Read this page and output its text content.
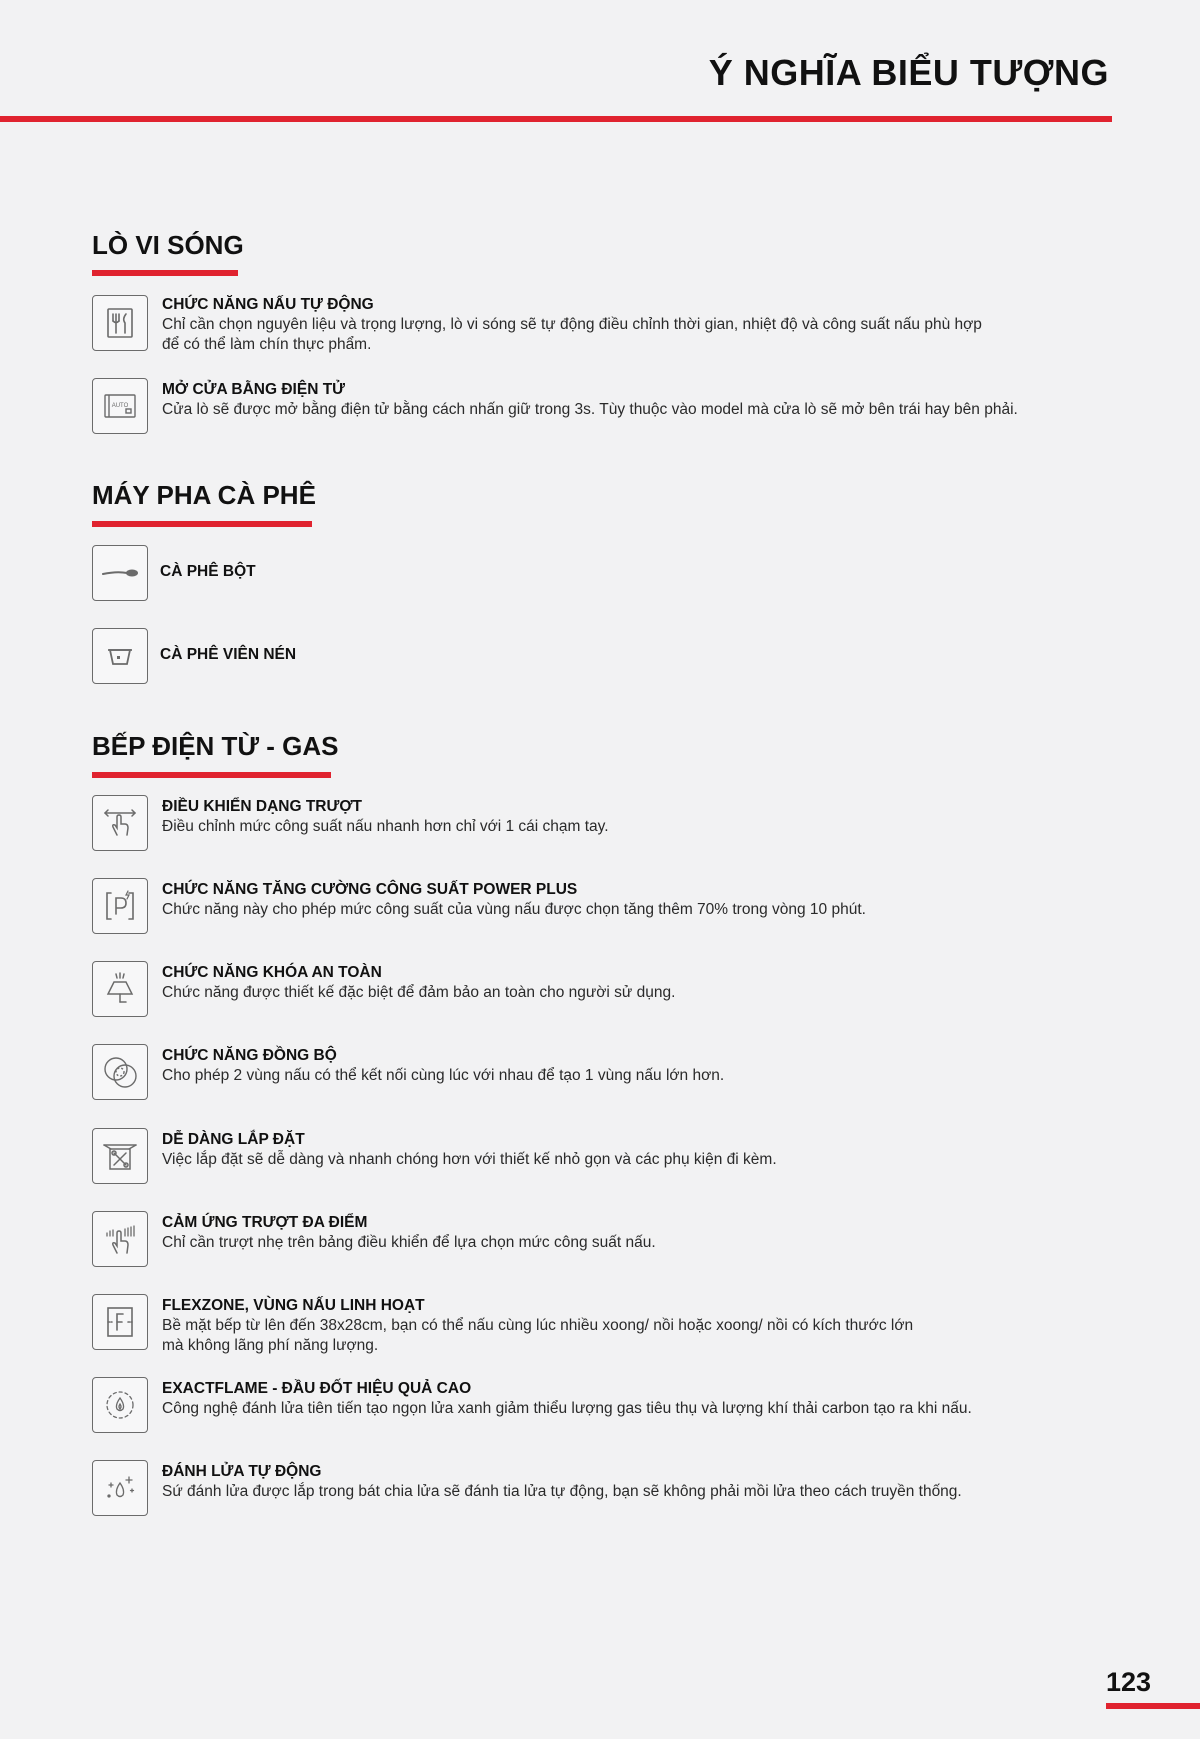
Ý NGHĨA BIỂU TƯỢNG
LÒ VI SÓNG

CHỨC NĂNG NẤU TỰ ĐỘNG

Chỉ cần chọn nguyên liệu và trọng lượng, lò vi sóng sẽ tự động điều chỉnh thời gian, nhiệt độ và công suất nấu phù hợp
để có thể làm chín thực phẩm.

AUTO

MỞ CỬA BẰNG ĐIỆN TỬ

Cửa lò sẽ được mở bằng điện tử bằng cách nhấn giữ trong 3s. Tùy thuộc vào model mà cửa lò sẽ mở bên trái hay bên phải.

MÁY PHA CÀ PHÊ
CÀ PHÊ BỘT
CÀ PHÊ VIÊN NÉN
BẾP ĐIỆN TỪ - GAS

ĐIỀU KHIỂN DẠNG TRƯỢT

Điều chỉnh mức công suất nấu nhanh hơn chỉ với 1 cái chạm tay.

CHỨC NĂNG TĂNG CƯỜNG CÔNG SUẤT POWER PLUS

Chức năng này cho phép mức công suất của vùng nấu được chọn tăng thêm 70% trong vòng 10 phút.

CHỨC NĂNG KHÓA AN TOÀN

Chức năng được thiết kế đặc biệt để đảm bảo an toàn cho người sử dụng.

CHỨC NĂNG ĐỒNG BỘ

Cho phép 2 vùng nấu có thể kết nối cùng lúc với nhau để tạo 1 vùng nấu lớn hơn.

DỄ DÀNG LẮP ĐẶT

Việc lắp đặt sẽ dễ dàng và nhanh chóng hơn với thiết kế nhỏ gọn và các phụ kiện đi kèm.

CẢM ỨNG TRƯỢT ĐA ĐIỂM

Chỉ cần trượt nhẹ trên bảng điều khiển để lựa chọn mức công suất nấu.

FLEXZONE, VÙNG NẤU LINH HOẠT

Bề mặt bếp từ lên đến 38x28cm, bạn có thể nấu cùng lúc nhiều xoong/ nồi hoặc xoong/ nồi có kích thước lớn
mà không lãng phí năng lượng.

EXACTFLAME - ĐẦU ĐỐT HIỆU QUẢ CAO

Công nghệ đánh lửa tiên tiến tạo ngọn lửa xanh giảm thiểu lượng gas tiêu thụ và lượng khí thải carbon tạo ra khi nấu.

ĐÁNH LỬA TỰ ĐỘNG

Sứ đánh lửa được lắp trong bát chia lửa sẽ đánh tia lửa tự động, bạn sẽ không phải mồi lửa theo cách truyền thống.

123
